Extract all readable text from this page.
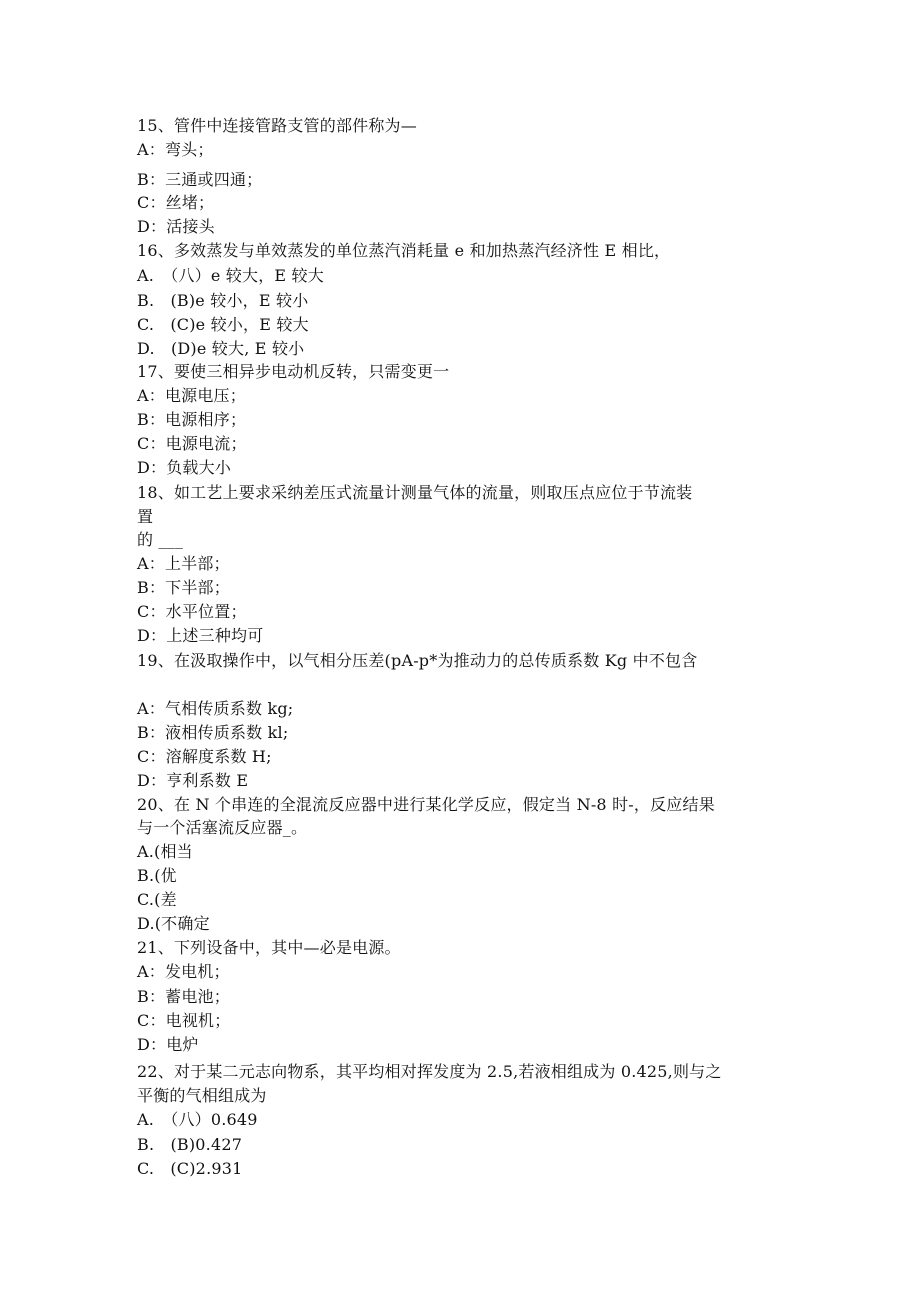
15、管件中连接管路支管的部件称为—

A：弯头；

B：三通或四通；

C：丝堵；

D：活接头

16、多效蒸发与单效蒸发的单位蒸汽消耗量 e 和加热蒸汽经济性 E 相比，

A.　（八）e 较大，E 较大

B.　(B)e 较小，E 较小

C.　(C)e 较小，E 较大

D.　(D)e 较大, E 较小

17、要使三相异步电动机反转，只需变更一

A：电源电压；

B：电源相序；

C：电源电流；

D：负载大小

18、如工艺上要求采纳差压式流量计测量气体的流量，则取压点应位于节流装

置

的 ___

A：上半部；

B：下半部；

C：水平位置；

D：上述三种均可

19、在汲取操作中，以气相分压差(pA-p*为推动力的总传质系数 Kg 中不包含

A：气相传质系数 kg;

B：液相传质系数 kl;

C：溶解度系数 H;

D：亨利系数 E

20、在 N 个串连的全混流反应器中进行某化学反应，假定当 N-8 时-，反应结果

与一个活塞流反应器_。

A.(相当

B.(优

C.(差

D.(不确定

21、下列设备中，其中—必是电源。

A：发电机；

B：蓄电池；

C：电视机；

D：电炉

22、对于某二元志向物系，其平均相对挥发度为 2.5,若液相组成为 0.425,则与之

平衡的气相组成为

A.　（八）0.649

B.　(B)0.427

C.　(C)2.931
